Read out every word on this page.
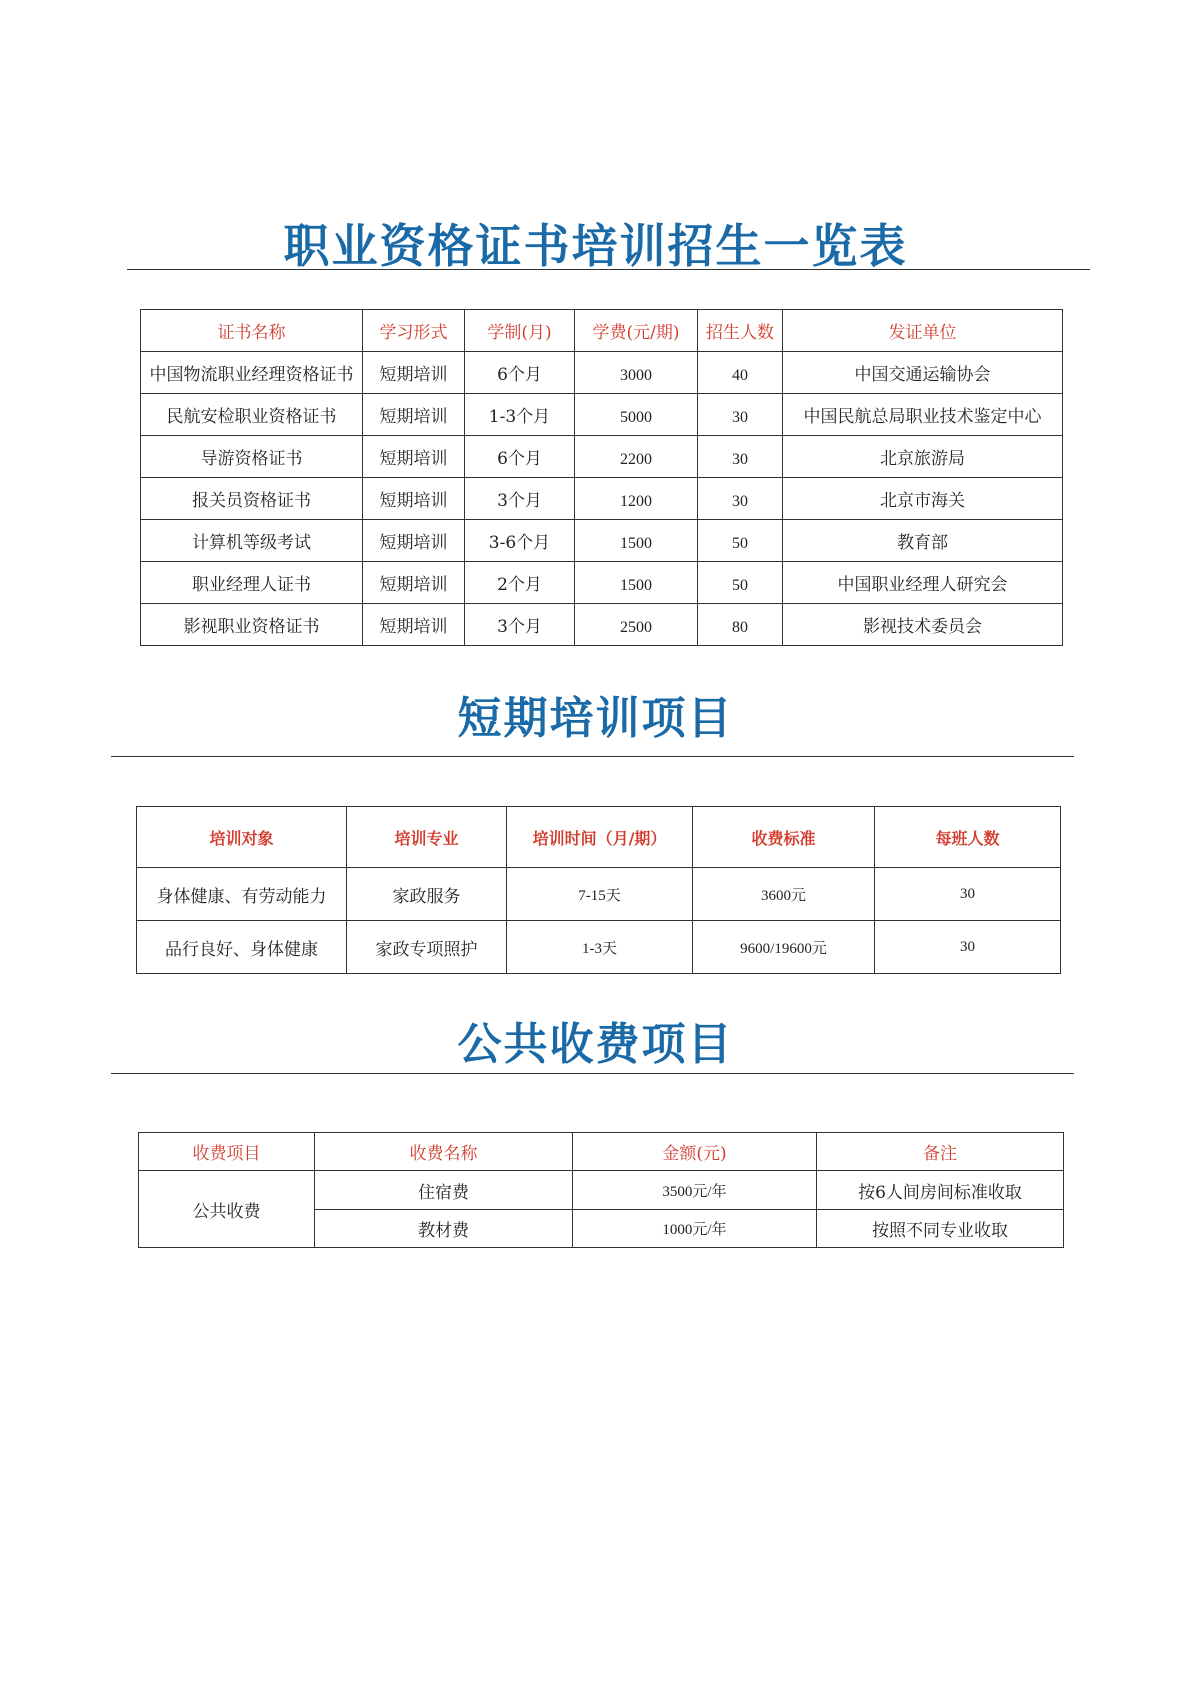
职业资格证书培训招生一览表
证书名称	学习形式	学制(月)	学费(元/期)	招生人数	发证单位
中国物流职业经理资格证书	短期培训	6个月	3000	40	中国交通运输协会
民航安检职业资格证书	短期培训	1-3个月	5000	30	中国民航总局职业技术鉴定中心
导游资格证书	短期培训	6个月	2200	30	北京旅游局
报关员资格证书	短期培训	3个月	1200	30	北京市海关
计算机等级考试	短期培训	3-6个月	1500	50	教育部
职业经理人证书	短期培训	2个月	1500	50	中国职业经理人研究会
影视职业资格证书	短期培训	3个月	2500	80	影视技术委员会
短期培训项目
培训对象	培训专业	培训时间（月/期）	收费标准	每班人数
身体健康、有劳动能力	家政服务	7-15天	3600元	30
品行良好、身体健康	家政专项照护	1-3天	9600/19600元	30
公共收费项目
收费项目	收费名称	金额(元)	备注
公共收费	住宿费	3500元/年	按6人间房间标准收取
	教材费	1000元/年	按照不同专业收取
